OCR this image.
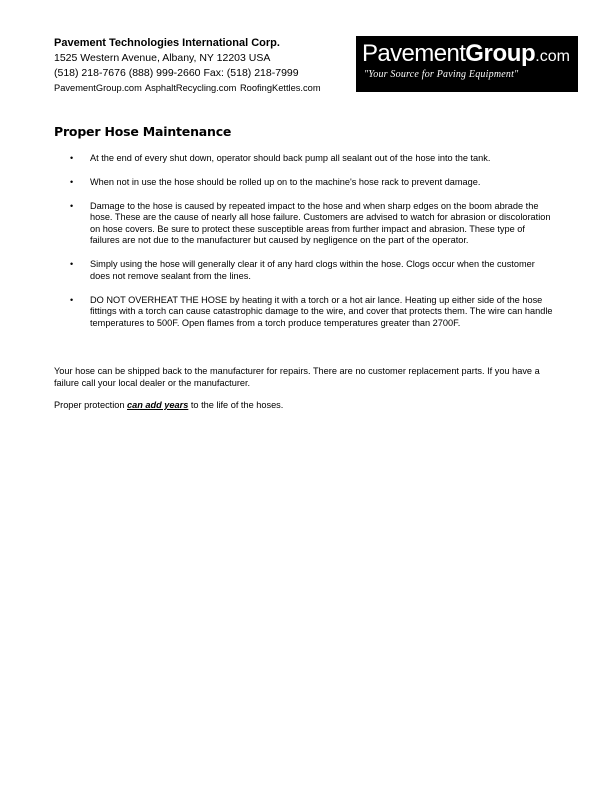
Pavement Technologies International Corp.
1525 Western Avenue, Albany, NY 12203 USA
(518) 218-7676 (888) 999-2660 Fax: (518) 218-7999
PavementGroup.com AsphaltRecycling.com RoofingKettles.com
PavementGroup.com
"Your Source for Paving Equipment"
Proper Hose Maintenance
• At the end of every shut down, operator should back pump all sealant out of the hose into the tank.
• When not in use the hose should be rolled up on to the machine's hose rack to prevent damage.
• Damage to the hose is caused by repeated impact to the hose and when sharp edges on the boom abrade the hose. These are the cause of nearly all hose failure. Customers are advised to watch for abrasion or discoloration on hose covers. Be sure to protect these susceptible areas from further impact and abrasion. These type of failures are not due to the manufacturer but caused by negligence on the part of the operator.
• Simply using the hose will generally clear it of any hard clogs within the hose. Clogs occur when the customer does not remove sealant from the lines.
• DO NOT OVERHEAT THE HOSE by heating it with a torch or a hot air lance. Heating up either side of the hose fittings with a torch can cause catastrophic damage to the wire, and cover that protects them. The wire can handle temperatures to 500F. Open flames from a torch produce temperatures greater than 2700F.
Your hose can be shipped back to the manufacturer for repairs. There are no customer replacement parts. If you have a failure call your local dealer or the manufacturer.
Proper protection can add years to the life of the hoses.
